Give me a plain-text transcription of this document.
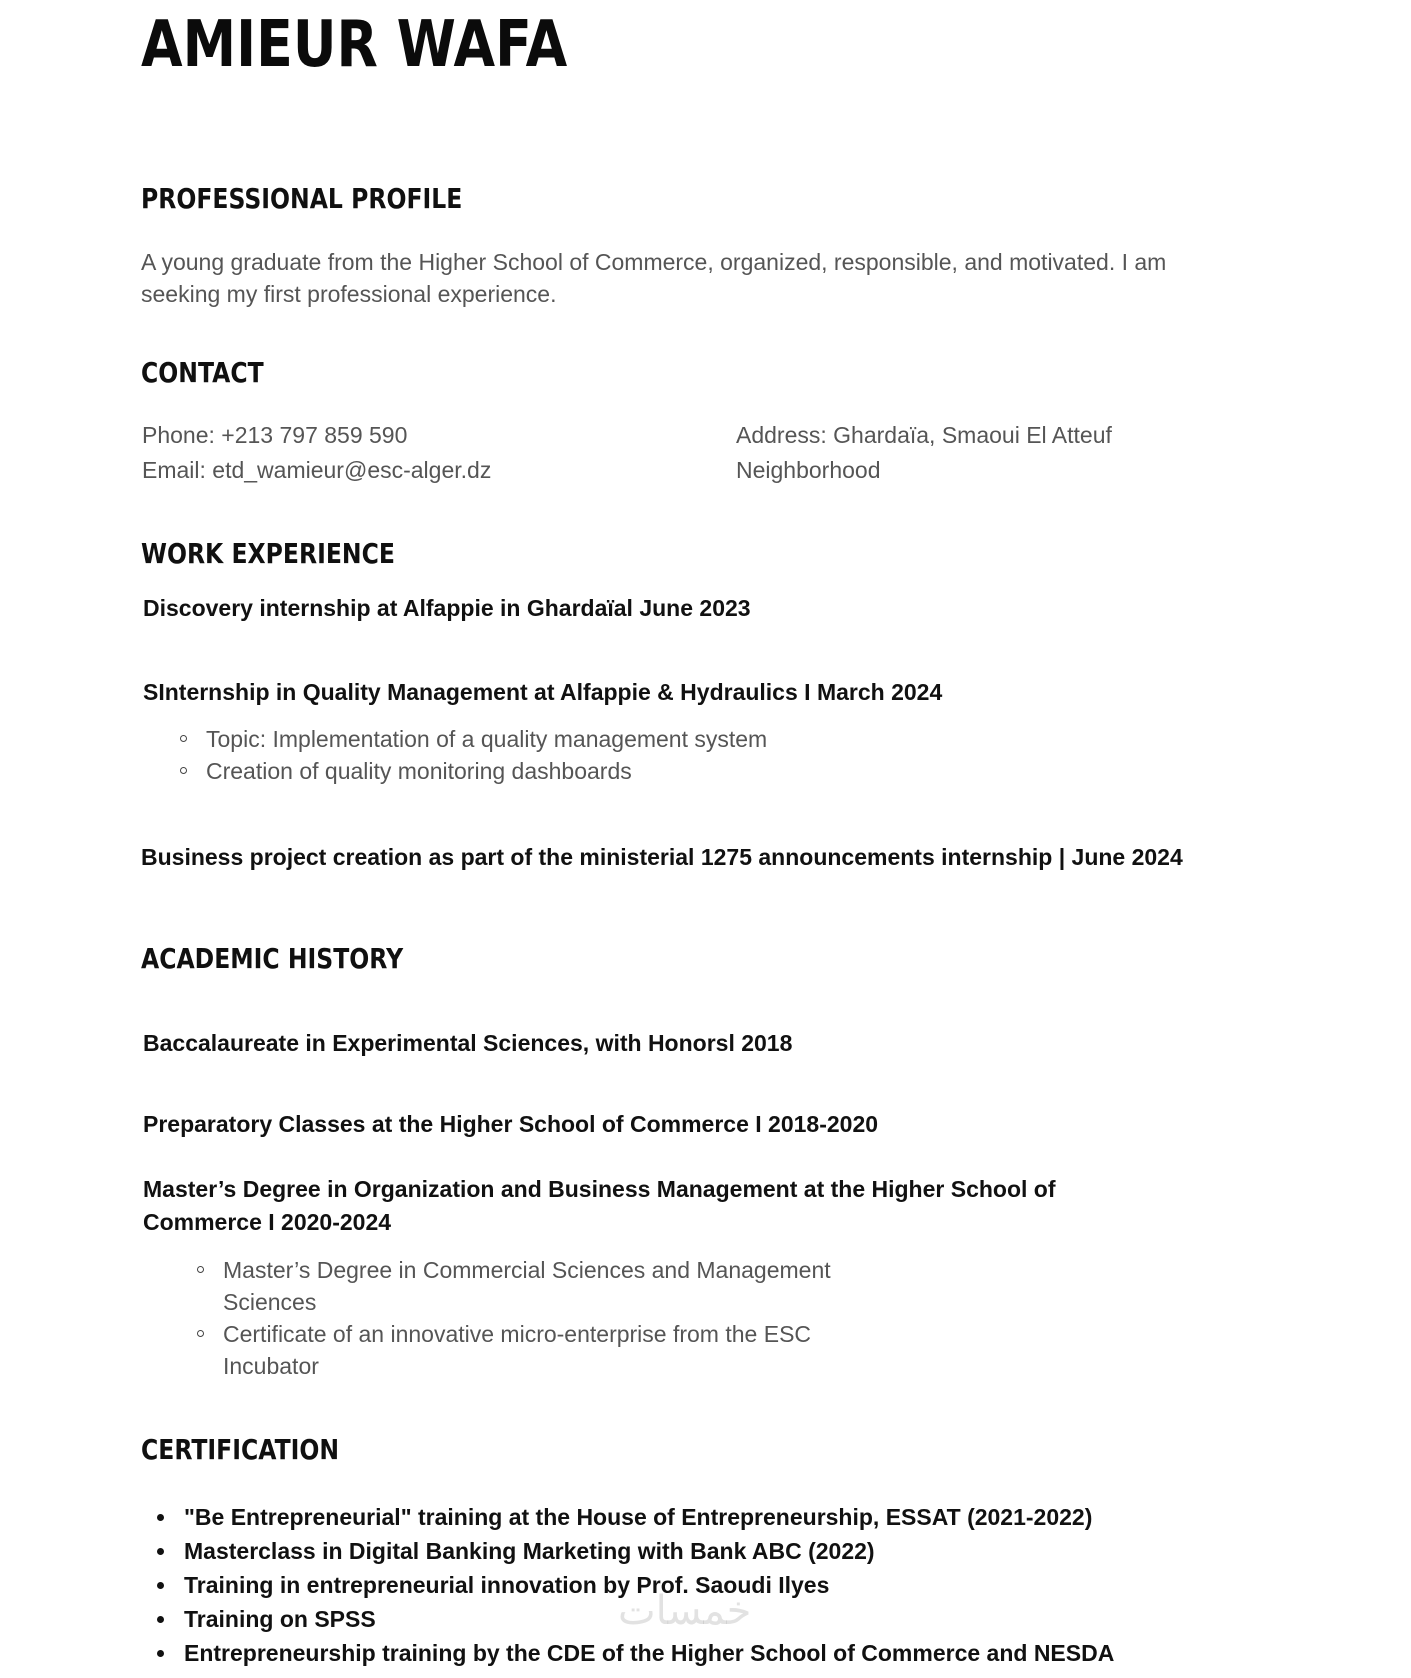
AMIEUR WAFA
PROFESSIONAL PROFILE
A young graduate from the Higher School of Commerce, organized, responsible, and motivated. I am
seeking my first professional experience.
CONTACT
Phone: +213 797 859 590
Email: etd_wamieur@esc-alger.dz
Address: Ghardaïa, Smaoui El Atteuf
Neighborhood
WORK EXPERIENCE
Discovery internship at Alfappie in Ghardaïal June 2023
SInternship in Quality Management at Alfappie & Hydraulics I March 2024
Topic: Implementation of a quality management system
Creation of quality monitoring dashboards
Business project creation as part of the ministerial 1275 announcements internship | June 2024
ACADEMIC HISTORY
Baccalaureate in Experimental Sciences, with Honorsl 2018
Preparatory Classes at the Higher School of Commerce I 2018-2020
Master’s Degree in Organization and Business Management at the Higher School of
Commerce I 2020-2024
Master’s Degree in Commercial Sciences and Management
Sciences
Certificate of an innovative micro-enterprise from the ESC
Incubator
CERTIFICATION
"Be Entrepreneurial" training at the House of Entrepreneurship, ESSAT (2021-2022)
Masterclass in Digital Banking Marketing with Bank ABC (2022)
Training in entrepreneurial innovation by Prof. Saoudi Ilyes
Training on SPSS
Entrepreneurship training by the CDE of the Higher School of Commerce and NESDA
خمسات
